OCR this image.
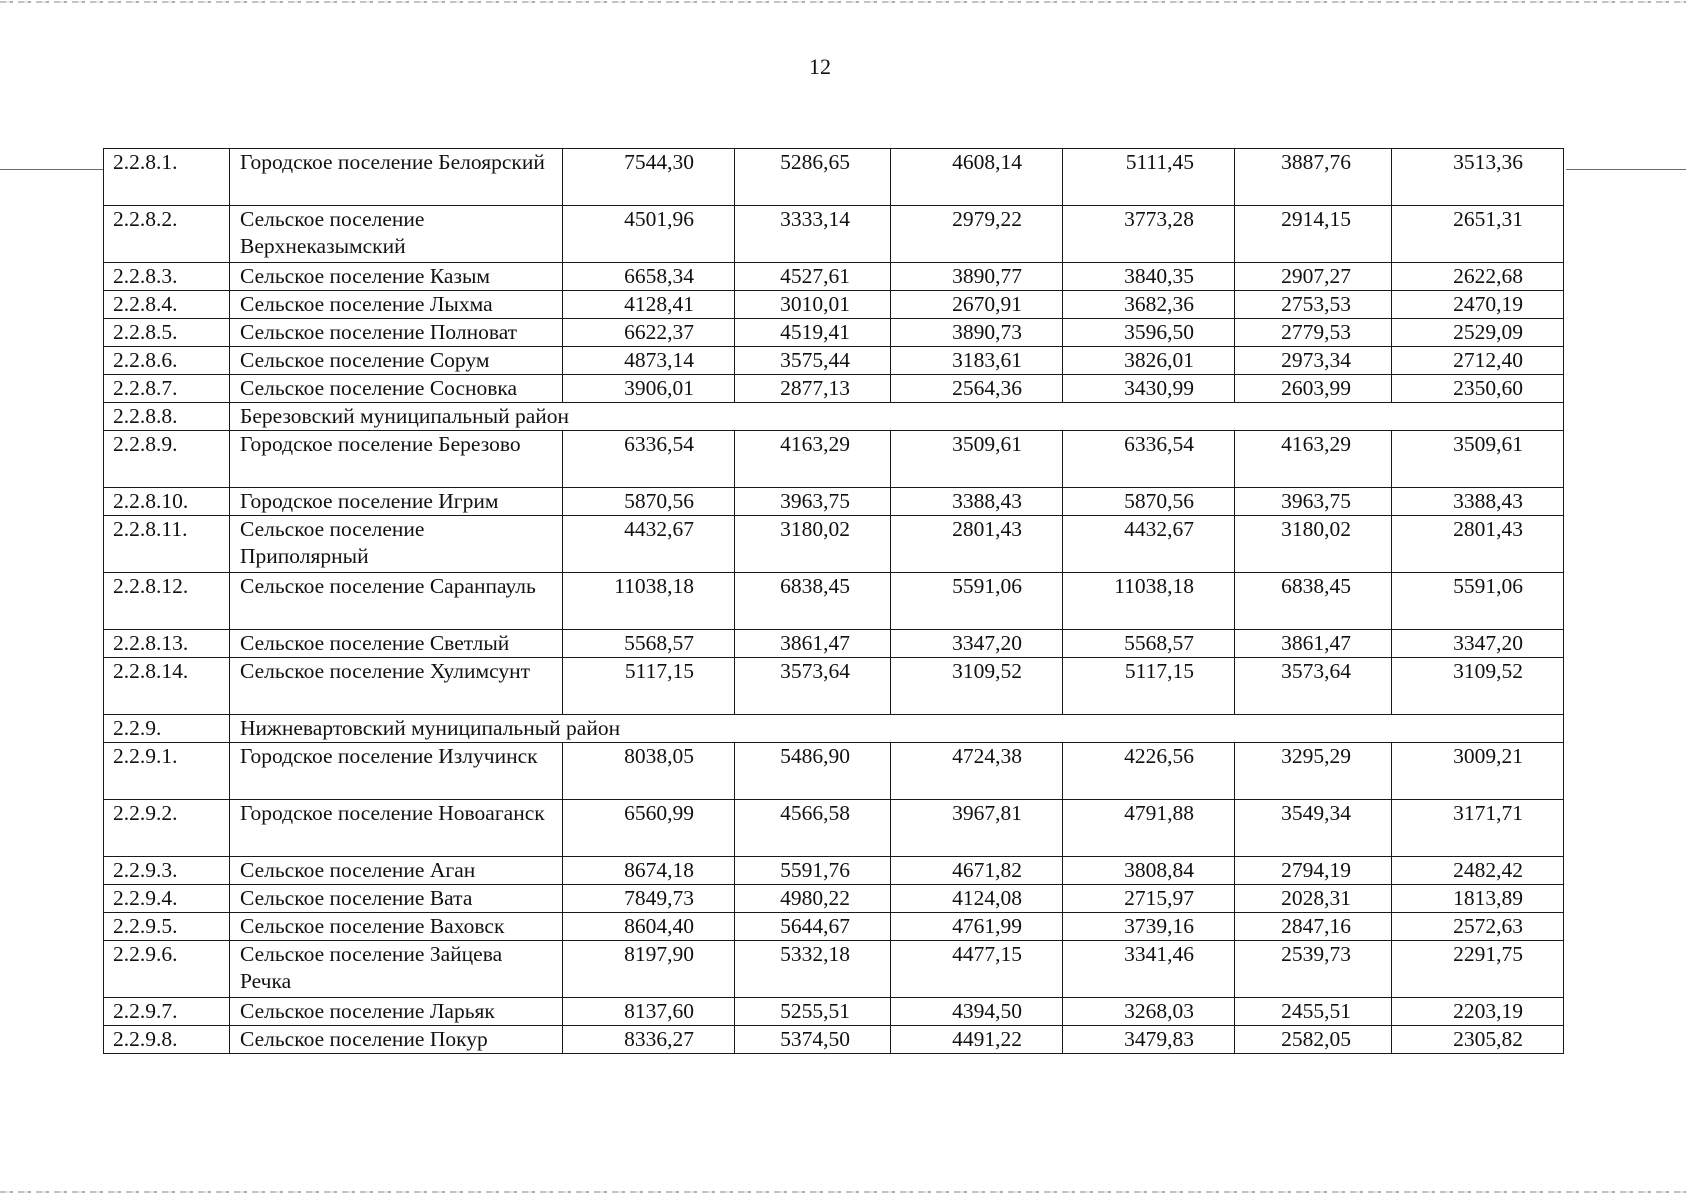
12
2.2.8.1.	Городское поселение Белоярский	7544,30	5286,65	4608,14	5111,45	3887,76	3513,36
2.2.8.2.	Сельское поселение Верхнеказымский	4501,96	3333,14	2979,22	3773,28	2914,15	2651,31
2.2.8.3.	Сельское поселение Казым	6658,34	4527,61	3890,77	3840,35	2907,27	2622,68
2.2.8.4.	Сельское поселение Лыхма	4128,41	3010,01	2670,91	3682,36	2753,53	2470,19
2.2.8.5.	Сельское поселение Полноват	6622,37	4519,41	3890,73	3596,50	2779,53	2529,09
2.2.8.6.	Сельское поселение Сорум	4873,14	3575,44	3183,61	3826,01	2973,34	2712,40
2.2.8.7.	Сельское поселение Сосновка	3906,01	2877,13	2564,36	3430,99	2603,99	2350,60
2.2.8.8.	Березовский муниципальный район						
2.2.8.9.	Городское поселение Березово	6336,54	4163,29	3509,61	6336,54	4163,29	3509,61
2.2.8.10.	Городское поселение Игрим	5870,56	3963,75	3388,43	5870,56	3963,75	3388,43
2.2.8.11.	Сельское поселение Приполярный	4432,67	3180,02	2801,43	4432,67	3180,02	2801,43
2.2.8.12.	Сельское поселение Саранпауль	11038,18	6838,45	5591,06	11038,18	6838,45	5591,06
2.2.8.13.	Сельское поселение Светлый	5568,57	3861,47	3347,20	5568,57	3861,47	3347,20
2.2.8.14.	Сельское поселение Хулимсунт	5117,15	3573,64	3109,52	5117,15	3573,64	3109,52
2.2.9.	Нижневартовский муниципальный район						
2.2.9.1.	Городское поселение Излучинск	8038,05	5486,90	4724,38	4226,56	3295,29	3009,21
2.2.9.2.	Городское поселение Новоаганск	6560,99	4566,58	3967,81	4791,88	3549,34	3171,71
2.2.9.3.	Сельское поселение Аган	8674,18	5591,76	4671,82	3808,84	2794,19	2482,42
2.2.9.4.	Сельское поселение Вата	7849,73	4980,22	4124,08	2715,97	2028,31	1813,89
2.2.9.5.	Сельское поселение Ваховск	8604,40	5644,67	4761,99	3739,16	2847,16	2572,63
2.2.9.6.	Сельское поселение Зайцева Речка	8197,90	5332,18	4477,15	3341,46	2539,73	2291,75
2.2.9.7.	Сельское поселение Ларьяк	8137,60	5255,51	4394,50	3268,03	2455,51	2203,19
2.2.9.8.	Сельское поселение Покур	8336,27	5374,50	4491,22	3479,83	2582,05	2305,82
